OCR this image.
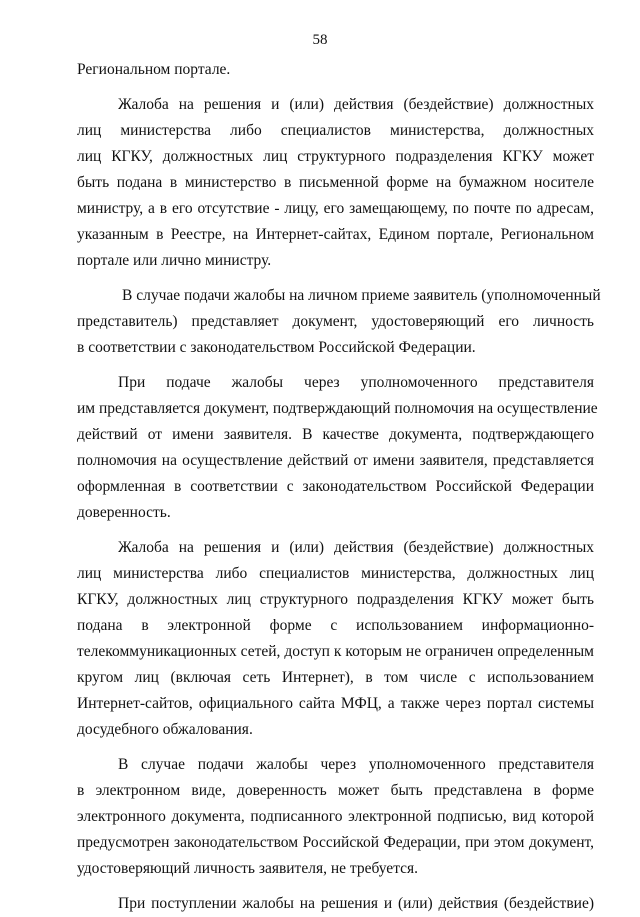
58
Региональном портале.
Жалоба на решения и (или) действия (бездействие) должностных
лиц министерства либо специалистов министерства, должностных
лиц КГКУ, должностных лиц структурного подразделения КГКУ может
быть подана в министерство в письменной форме на бумажном носителе
министру, а в его отсутствие - лицу, его замещающему, по почте по адресам,
указанным в Реестре, на Интернет-сайтах, Едином портале, Региональном
портале или лично министру.
В случае подачи жалобы на личном приеме заявитель (уполномоченный
представитель) представляет документ, удостоверяющий его личность
в соответствии с законодательством Российской Федерации.
При подаче жалобы через уполномоченного представителя
им представляется документ, подтверждающий полномочия на осуществление
действий от имени заявителя. В качестве документа, подтверждающего
полномочия на осуществление действий от имени заявителя, представляется
оформленная в соответствии с законодательством Российской Федерации
доверенность.
Жалоба на решения и (или) действия (бездействие) должностных
лиц министерства либо специалистов министерства, должностных лиц
КГКУ, должностных лиц структурного подразделения КГКУ может быть
подана в электронной форме с использованием информационно-
телекоммуникационных сетей, доступ к которым не ограничен определенным
кругом лиц (включая сеть Интернет), в том числе с использованием
Интернет-сайтов, официального сайта МФЦ, а также через портал системы
досудебного обжалования.
В случае подачи жалобы через уполномоченного представителя
в электронном виде, доверенность может быть представлена в форме
электронного документа, подписанного электронной подписью, вид которой
предусмотрен законодательством Российской Федерации, при этом документ,
удостоверяющий личность заявителя, не требуется.
При поступлении жалобы на решения и (или) действия (бездействие)
